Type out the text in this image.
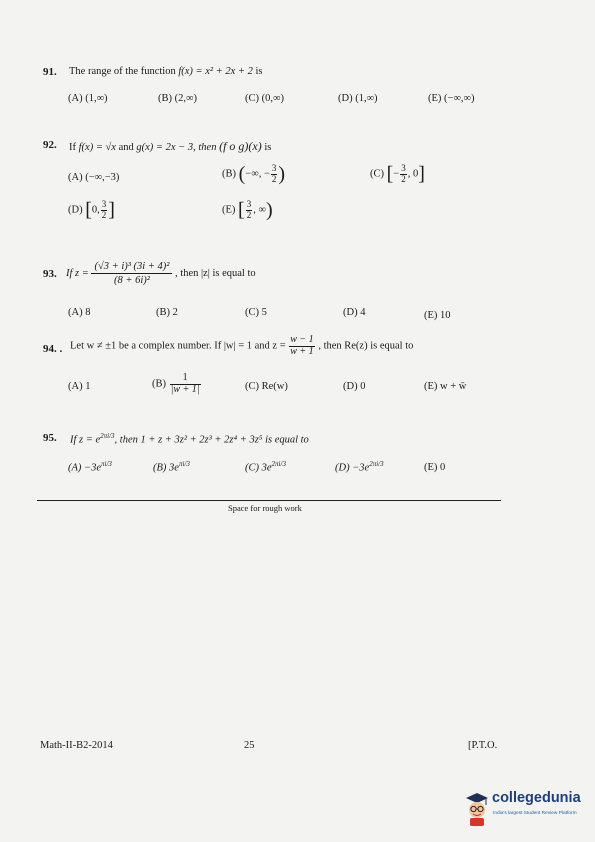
91. The range of the function f(x) = x² + 2x + 2 is
(A) (1,∞)	(B) (2,∞)	(C) (0,∞)	(D) (1,∞)	(E) (−∞,∞)
92. If f(x) = √x and g(x) = 2x − 3, then (f o g)(x) is
(A) (−∞,−3)	(B) (−∞, − $\frac{3}{2}$ )	(C) [− $\frac{3}{2}$ , 0]
(D) [0, $\frac{3}{2}$ ]	(E) [ $\frac{3}{2}$ , ∞)
93. If $z = \frac{\text{(√3 + i)³ (3i + 4)²}}{\text{(8 + 6i)²}}$ , then |z| is equal to
(A) 8	(B) 2	(C) 5	(D) 4	(E) 10
94. . Let w ≠ ±1 be a complex number. If |w| = 1 and $z = \frac{w - 1}{w + 1}$ , then Re(z) is equal to
(A) 1	$(B) \frac{1}{|w + 1|}$	(C) Re(w)	(D) 0	(E) w + w̄
95. If $z = e^{2\pi i/3}$, then 1 + z + 3z² + 2z³ + 2z⁴ + 3z⁵ is equal to
$(A) -3e^{\pi i/3}$	(B) $3e^{\pi i/3}$	(C) $3e^{2\pi i/3}$	$(D) -3e^{2\pi i/3}$	(E) 0
Space for rough work
Math-II-B2-2014	25	[P.T.O.
collegedunia
India's largest Student Review Platform
